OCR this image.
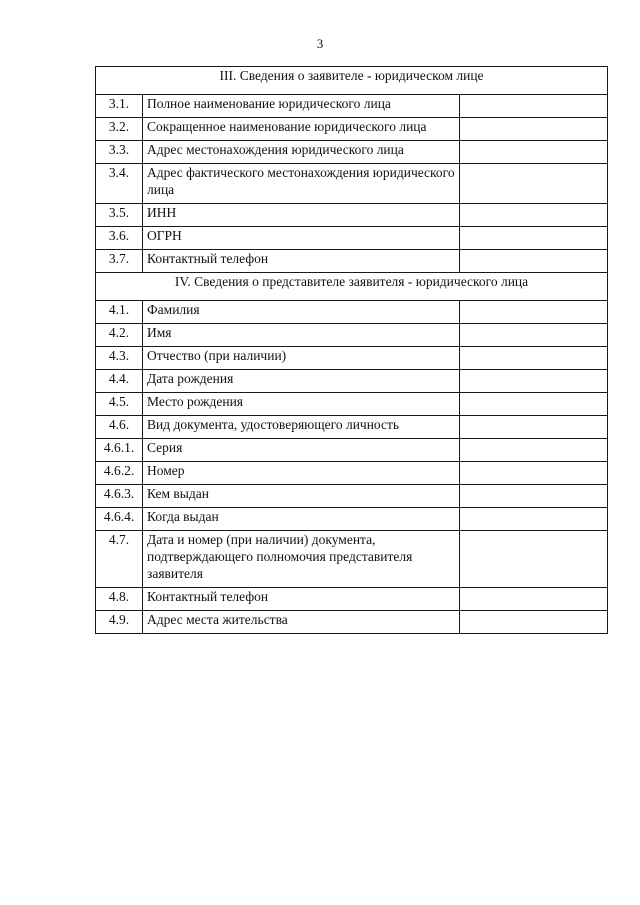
3
III. Сведения о заявителе - юридическом лице		
3.1.	Полное наименование юридического лица	
3.2.	Сокращенное наименование юридического лица	
3.3.	Адрес местонахождения юридического лица	
3.4.	Адрес фактического местонахождения юридического лица	
3.5.	ИНН	
3.6.	ОГРН	
3.7.	Контактный телефон	
IV. Сведения о представителе заявителя - юридического лица		
4.1.	Фамилия	
4.2.	Имя	
4.3.	Отчество (при наличии)	
4.4.	Дата рождения	
4.5.	Место рождения	
4.6.	Вид документа, удостоверяющего личность	
4.6.1.	Серия	
4.6.2.	Номер	
4.6.3.	Кем выдан	
4.6.4.	Когда выдан	
4.7.	Дата и номер (при наличии) документа, подтверждающего полномочия представителя заявителя	
4.8.	Контактный телефон	
4.9.	Адрес места жительства	
